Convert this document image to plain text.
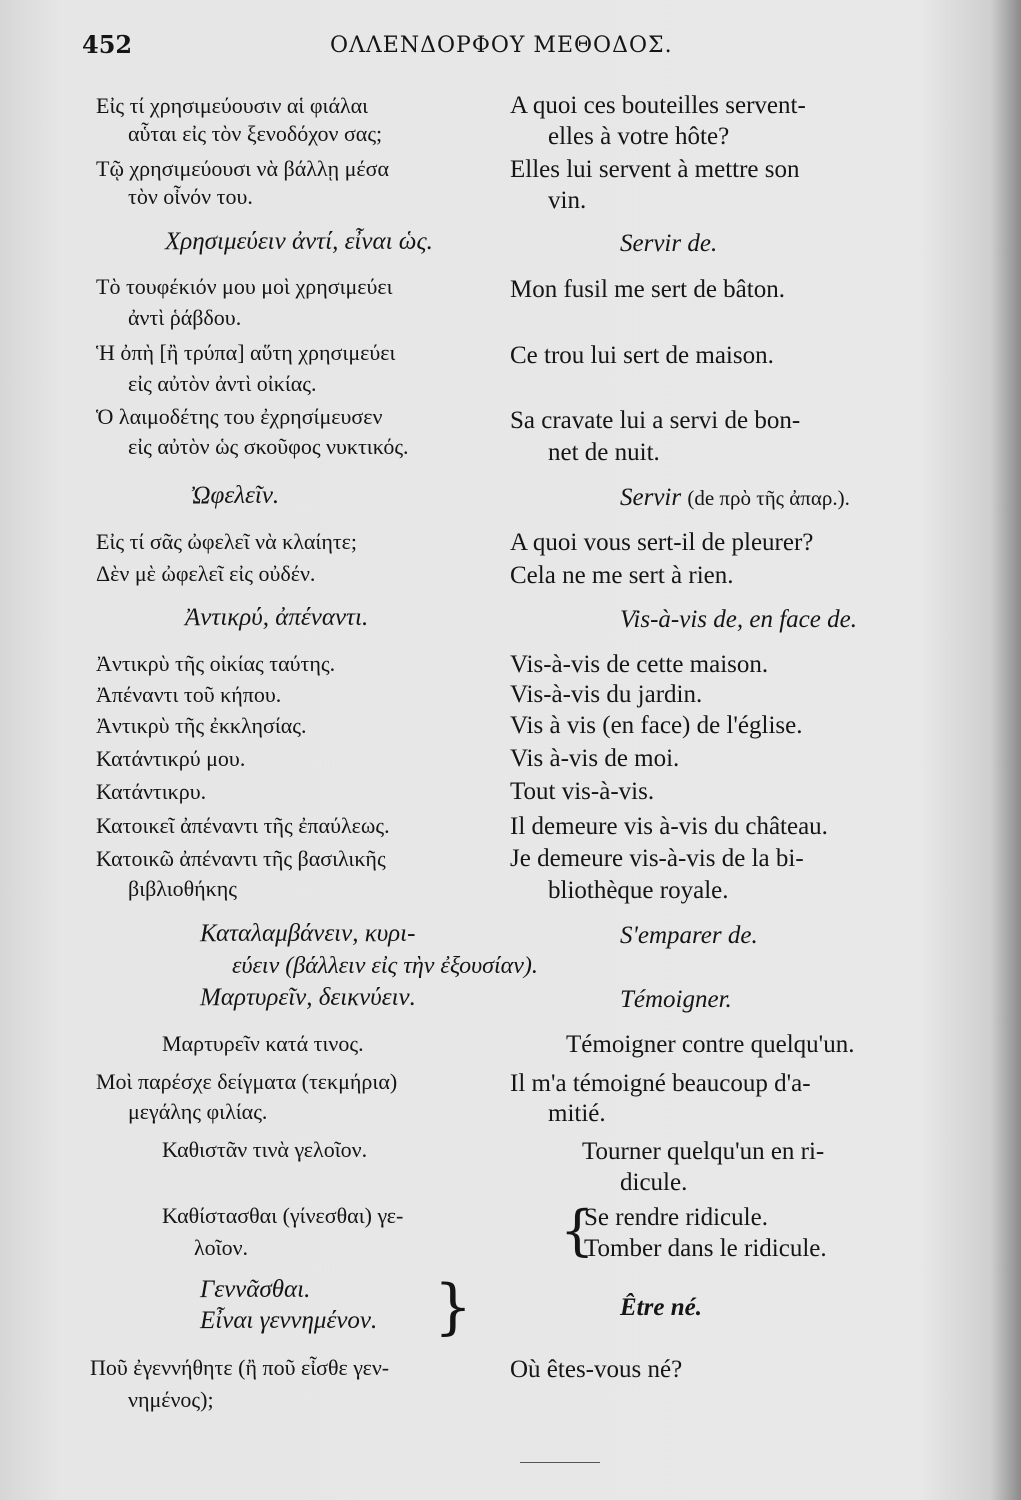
452	ΟΛΛΕΝΔΟΡΦΟΥ ΜΕΘΟΔΟΣ.
Εἰς τί χρησιμεύουσιν αἱ φιάλαι
αὗται εἰς τὸν ξενοδόχον σας;
Τῷ χρησιμεύουσι νὰ βάλλῃ μέσα
τὸν οἶνόν του.
Χρησιμεύειν ἀντί, εἶναι ὡς.
Τὸ τουφέκιόν μου μοὶ χρησιμεύει
ἀντὶ ῥάβδου.
Ἡ ὀπὴ [ἢ τρύπα] αὕτη χρησιμεύει
εἰς αὐτὸν ἀντὶ οἰκίας.
Ὁ λαιμοδέτης του ἐχρησίμευσεν
εἰς αὐτὸν ὡς σκοῦφος νυκτικός.
Ὠφελεῖν.
Εἰς τί σᾶς ὠφελεῖ νὰ κλαίητε;
Δὲν μὲ ὠφελεῖ εἰς οὐδέν.
Ἀντικρύ, ἀπέναντι.
Ἀντικρὺ τῆς οἰκίας ταύτης.
Ἀπέναντι τοῦ κήπου.
Ἀντικρὺ τῆς ἐκκλησίας.
Κατάντικρύ μου.
Κατάντικρυ.
Κατοικεῖ ἀπέναντι τῆς ἐπαύλεως.
Κατοικῶ ἀπέναντι τῆς βασιλικῆς
βιβλιοθήκης
Καταλαμβάνειν, κυρι-
εύειν (βάλλειν εἰς τὴν ἐξουσίαν).
Μαρτυρεῖν, δεικνύειν.
Μαρτυρεῖν κατά τινος.
Μοὶ παρέσχε δείγματα (τεκμήρια)
μεγάλης φιλίας.
Καθιστᾶν τινὰ γελοῖον.
Καθίστασθαι (γίνεσθαι) γε-
λοῖον.
Γεννᾶσθαι.
Εἶναι γεννημένον. }
Ποῦ ἐγεννήθητε (ἢ ποῦ εἶσθε γεν-
νημένος);
A quoi ces bouteilles servent-
elles à votre hôte?
Elles lui servent à mettre son
vin.
Servir de.
Mon fusil me sert de bâton.
Ce trou lui sert de maison.
Sa cravate lui a servi de bon-
net de nuit.
Servir (de πρὸ τῆς ἀπαρ.).
A quoi vous sert-il de pleurer?
Cela ne me sert à rien.
Vis-à-vis de, en face de.
Vis-à-vis de cette maison.
Vis-à-vis du jardin.
Vis à vis (en face) de l'église.
Vis à-vis de moi.
Tout vis-à-vis.
Il demeure vis à-vis du château.
Je demeure vis-à-vis de la bi-
bliothèque royale.
S'emparer de.
Témoigner.
Témoigner contre quelqu'un.
Il m'a témoigné beaucoup d'a-
mitié.
Tourner quelqu'un en ri-
dicule.
{
Se rendre ridicule.
Tomber dans le ridicule.
Être né.
Où êtes-vous né?
